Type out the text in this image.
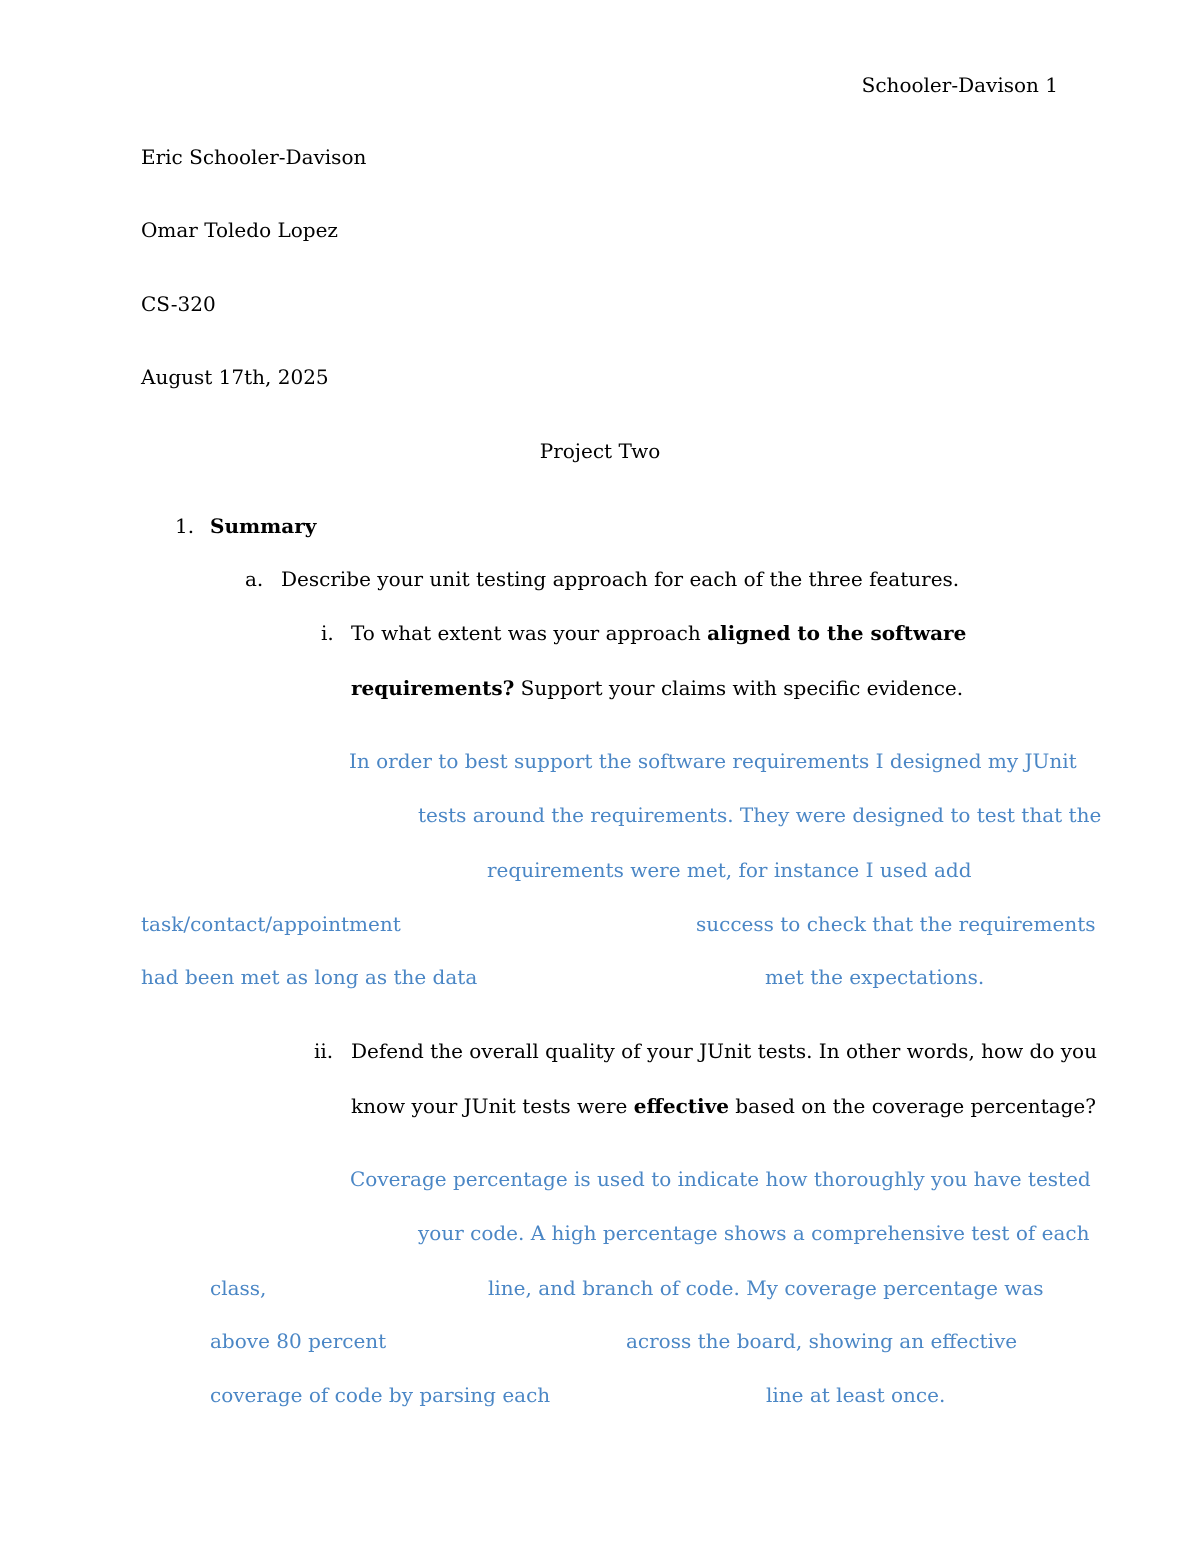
Schooler-Davison 1
Eric Schooler-Davison
Omar Toledo Lopez
CS-320
August 17th, 2025
Project Two
1. Summary
a. Describe your unit testing approach for each of the three features.
i. To what extent was your approach aligned to the software
requirements? Support your claims with specific evidence.
In order to best support the software requirements I designed my JUnit
tests around the requirements. They were designed to test that the
requirements were met, for instance I used add
task/contact/appointment	success to check that the requirements
had been met as long as the data	met the expectations.
ii. Defend the overall quality of your JUnit tests. In other words, how do you
know your JUnit tests were effective based on the coverage percentage?
Coverage percentage is used to indicate how thoroughly you have tested
your code. A high percentage shows a comprehensive test of each
class,	line, and branch of code. My coverage percentage was
above 80 percent	across the board, showing an effective
coverage of code by parsing each	line at least once.
